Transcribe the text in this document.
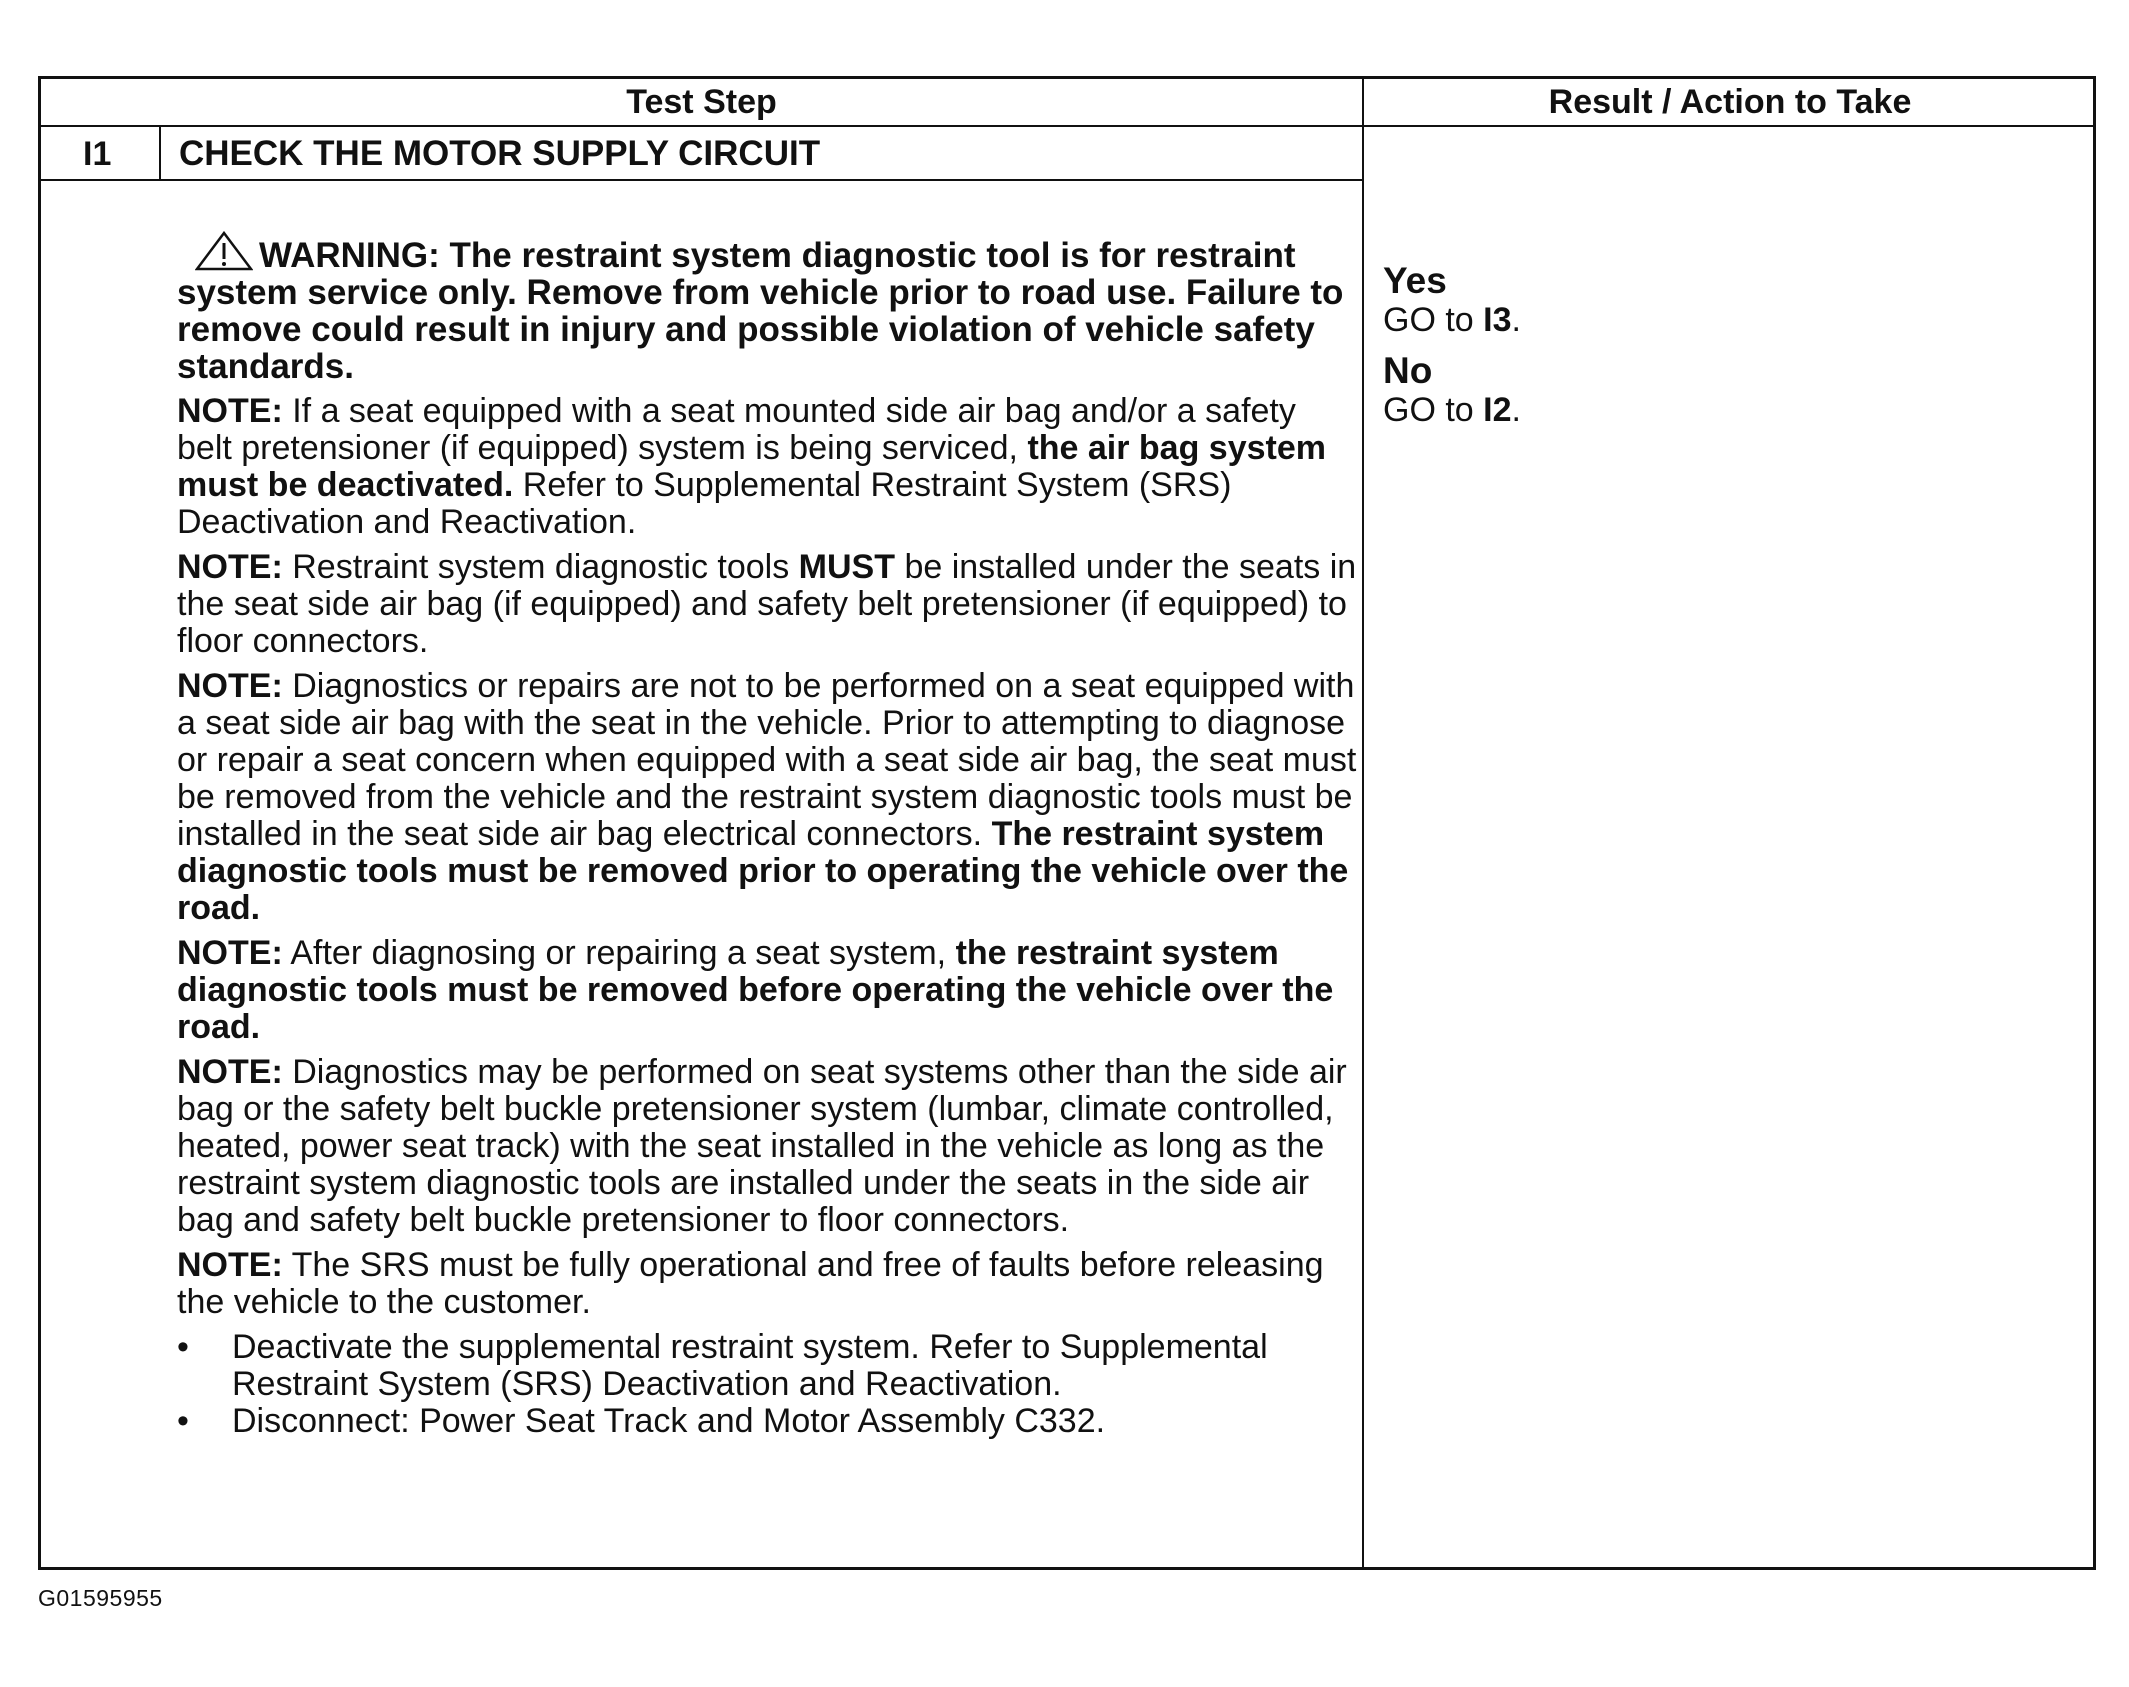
Test Step	Result / Action to Take
I1	CHECK THE MOTOR SUPPLY CIRCUIT
WARNING: The restraint system diagnostic tool is for restraint system service only. Remove from vehicle prior to road use. Failure to remove could result in injury and possible violation of vehicle safety standards.
NOTE: If a seat equipped with a seat mounted side air bag and/or a safety belt pretensioner (if equipped) system is being serviced, the air bag system must be deactivated. Refer to Supplemental Restraint System (SRS) Deactivation and Reactivation.
NOTE: Restraint system diagnostic tools MUST be installed under the seats in the seat side air bag (if equipped) and safety belt pretensioner (if equipped) to floor connectors.
NOTE: Diagnostics or repairs are not to be performed on a seat equipped with a seat side air bag with the seat in the vehicle. Prior to attempting to diagnose or repair a seat concern when equipped with a seat side air bag, the seat must be removed from the vehicle and the restraint system diagnostic tools must be installed in the seat side air bag electrical connectors. The restraint system diagnostic tools must be removed prior to operating the vehicle over the road.
NOTE: After diagnosing or repairing a seat system, the restraint system diagnostic tools must be removed before operating the vehicle over the road.
NOTE: Diagnostics may be performed on seat systems other than the side air bag or the safety belt buckle pretensioner system (lumbar, climate controlled, heated, power seat track) with the seat installed in the vehicle as long as the restraint system diagnostic tools are installed under the seats in the side air bag and safety belt buckle pretensioner to floor connectors.
NOTE: The SRS must be fully operational and free of faults before releasing the vehicle to the customer.
• Deactivate the supplemental restraint system. Refer to Supplemental Restraint System (SRS) Deactivation and Reactivation.
• Disconnect: Power Seat Track and Motor Assembly C332.
Yes
GO to I3.
No
GO to I2.
G01595955
